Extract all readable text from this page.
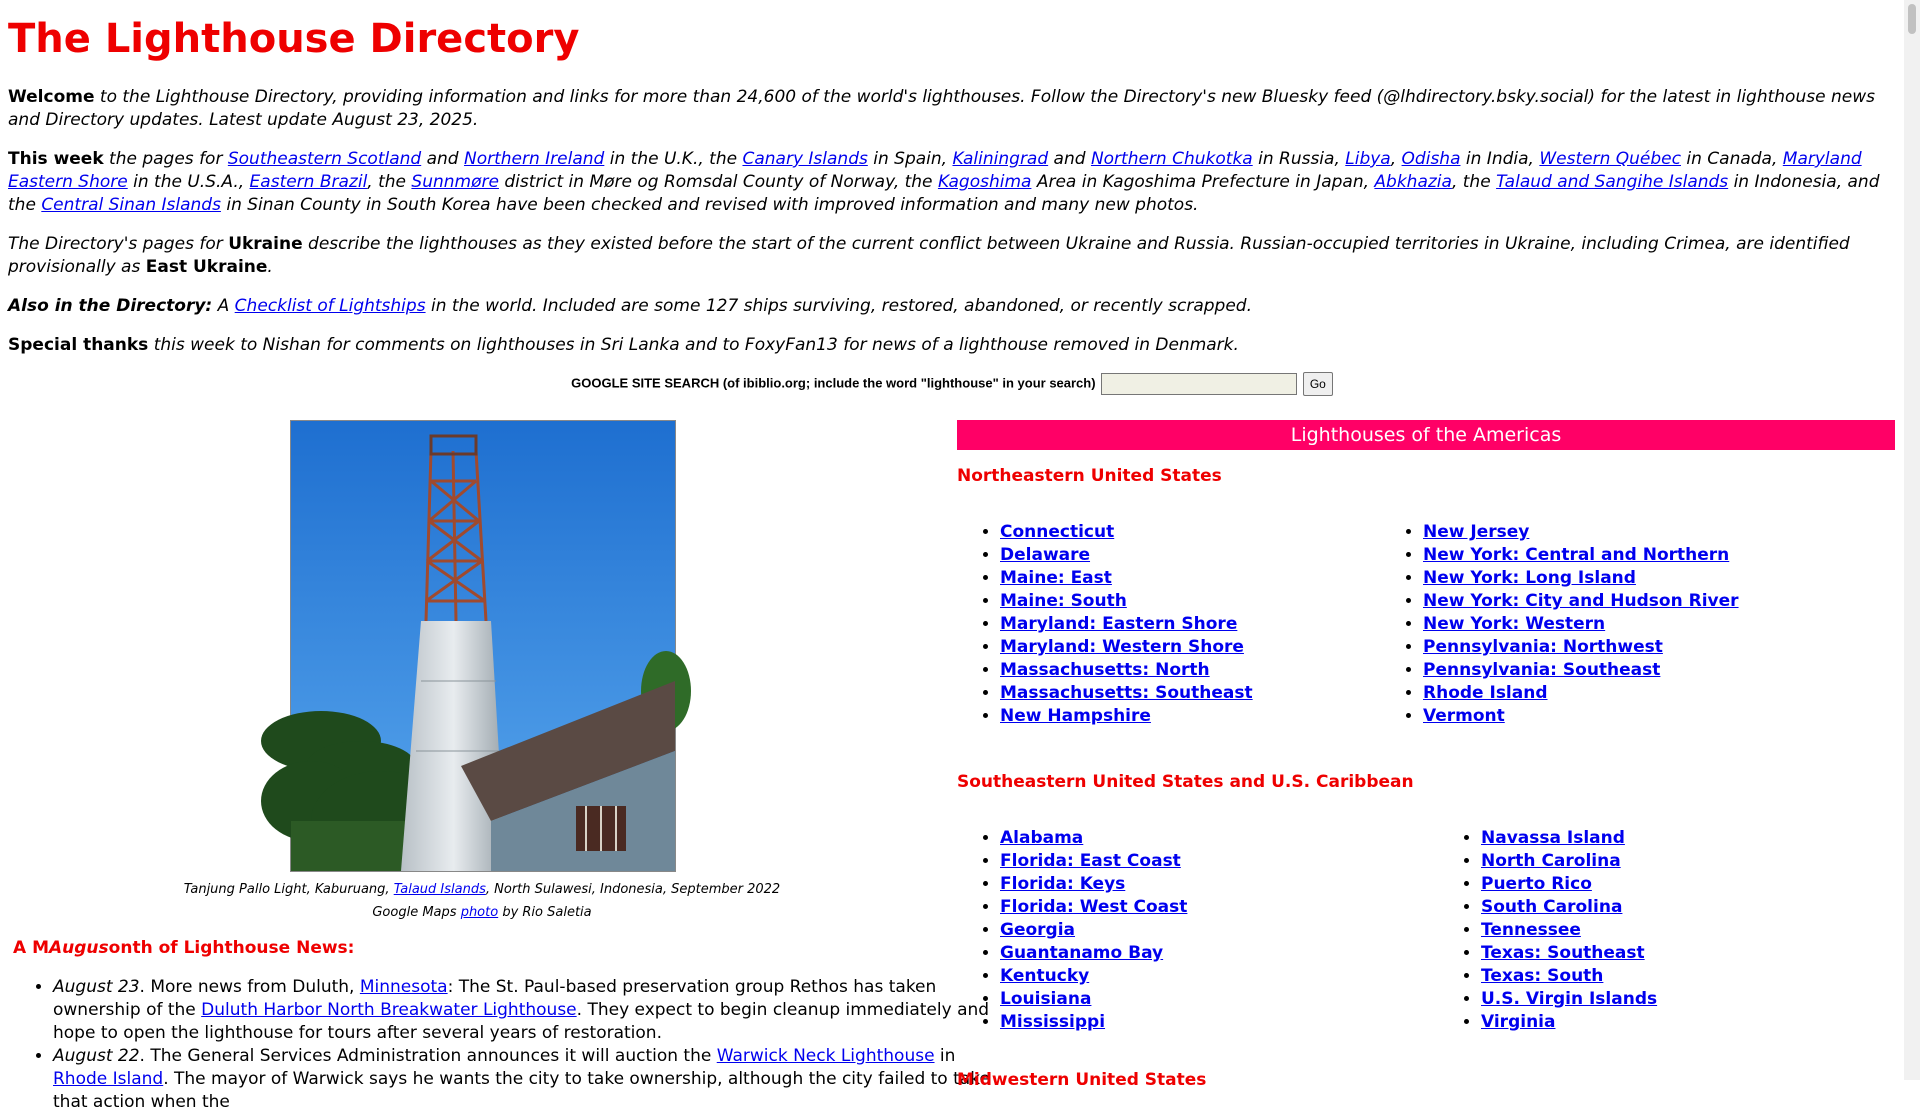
The Lighthouse Directory

Welcome to the Lighthouse Directory, providing information and links for more than 24,600 of the world's lighthouses. Follow the Directory's new Bluesky feed (@lhdirectory.bsky.social) for the latest in lighthouse news and Directory updates. Latest update August 23, 2025.

This week the pages for Southeastern Scotland and Northern Ireland in the U.K., the Canary Islands in Spain, Kaliningrad and Northern Chukotka in Russia, Libya, Odisha in India, Western Québec in Canada, Maryland Eastern Shore in the U.S.A., Eastern Brazil, the Sunnmøre district in Møre og Romsdal County of Norway, the Kagoshima Area in Kagoshima Prefecture in Japan, Abkhazia, the Talaud and Sangihe Islands in Indonesia, and the Central Sinan Islands in Sinan County in South Korea have been checked and revised with improved information and many new photos.

The Directory's pages for Ukraine describe the lighthouses as they existed before the start of the current conflict between Ukraine and Russia. Russian-occupied territories in Ukraine, including Crimea, are identified provisionally as East Ukraine.

Also in the Directory: A Checklist of Lightships in the world. Included are some 127 ships surviving, restored, abandoned, or recently scrapped.

Special thanks this week to Nishan for comments on lighthouses in Sri Lanka and to FoxyFan13 for news of a lighthouse removed in Denmark.

GOOGLE SITE SEARCH (of ibiblio.org; include the word "lighthouse" in your search)	Go
Tanjung Pallo Light, Kaburuang, Talaud Islands, North Sulawesi, Indonesia, September 2022
Google Maps photo by Rio Saletia
A MAugusonth of Lighthouse News:
• August 23. More news from Duluth, Minnesota: The St. Paul-based preservation group Rethos has taken ownership of the Duluth Harbor North Breakwater Lighthouse. They expect to begin cleanup immediately and hope to open the lighthouse for tours after several years of restoration.
• August 22. The General Services Administration announces it will auction the Warwick Neck Lighthouse in Rhode Island. The mayor of Warwick says he wants the city to take ownership, although the city failed to take that action when the
Lighthouses of the Americas
Northeastern United States
• Connecticut
• Delaware
• Maine: East
• Maine: South
• Maryland: Eastern Shore
• Maryland: Western Shore
• Massachusetts: North
• Massachusetts: Southeast
• New Hampshire
• New Jersey
• New York: Central and Northern
• New York: Long Island
• New York: City and Hudson River
• New York: Western
• Pennsylvania: Northwest
• Pennsylvania: Southeast
• Rhode Island
• Vermont
Southeastern United States and U.S. Caribbean
• Alabama
• Florida: East Coast
• Florida: Keys
• Florida: West Coast
• Georgia
• Guantanamo Bay
• Kentucky
• Louisiana
• Mississippi
• Navassa Island
• North Carolina
• Puerto Rico
• South Carolina
• Tennessee
• Texas: Southeast
• Texas: South
• U.S. Virgin Islands
• Virginia
Midwestern United States
